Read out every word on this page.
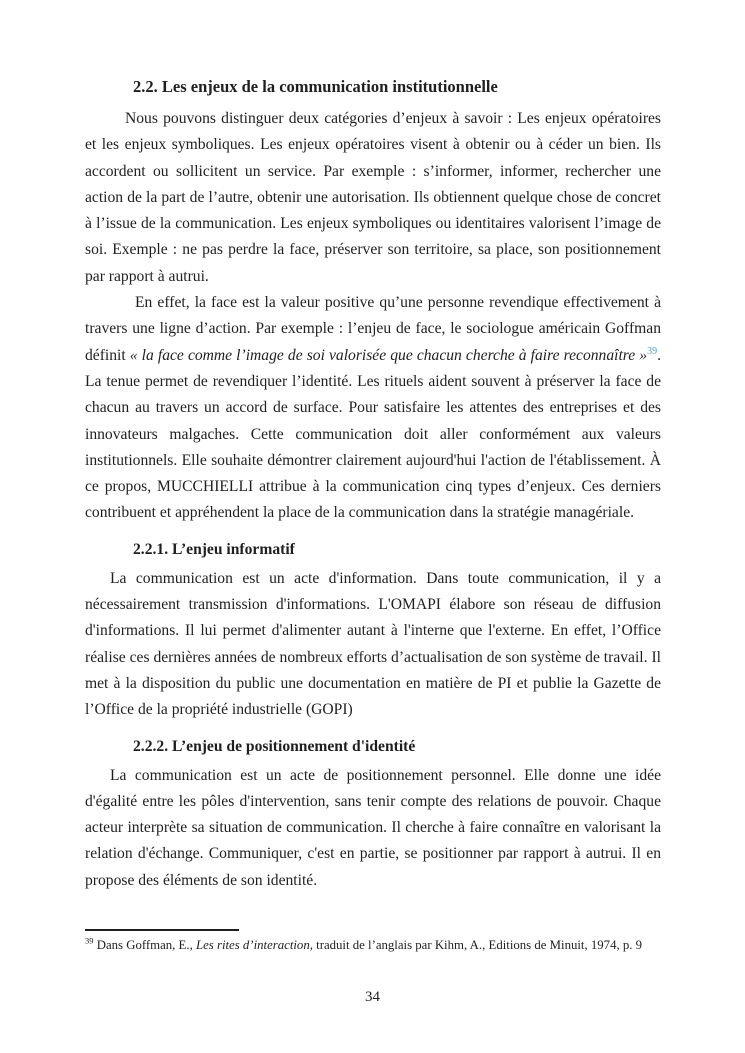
2.2. Les enjeux de la communication institutionnelle

Nous pouvons distinguer deux catégories d’enjeux à savoir : Les enjeux opératoires et les enjeux symboliques. Les enjeux opératoires visent à obtenir ou à céder un bien. Ils accordent ou sollicitent un service. Par exemple : s’informer, informer, rechercher une action de la part de l’autre, obtenir une autorisation. Ils obtiennent quelque chose de concret à l’issue de la communication. Les enjeux symboliques ou identitaires valorisent l’image de soi. Exemple : ne pas perdre la face, préserver son territoire, sa place, son positionnement par rapport à autrui.

En effet, la face est la valeur positive qu’une personne revendique effectivement à travers une ligne d’action. Par exemple : l’enjeu de face, le sociologue américain Goffman définit « la face comme l’image de soi valorisée que chacun cherche à faire reconnaître »$^{39}$. La tenue permet de revendiquer l’identité. Les rituels aident souvent à préserver la face de chacun au travers un accord de surface. Pour satisfaire les attentes des entreprises et des innovateurs malgaches. Cette communication doit aller conformément aux valeurs institutionnels. Elle souhaite démontrer clairement aujourd'hui l'action de l'établissement. À ce propos, MUCCHIELLI attribue à la communication cinq types d’enjeux. Ces derniers contribuent et appréhendent la place de la communication dans la stratégie managériale.

2.2.1. L’enjeu informatif

La communication est un acte d'information. Dans toute communication, il y a nécessairement transmission d'informations. L'OMAPI élabore son réseau de diffusion d'informations. Il lui permet d'alimenter autant à l'interne que l'externe. En effet, l’Office réalise ces dernières années de nombreux efforts d’actualisation de son système de travail. Il met à la disposition du public une documentation en matière de PI et publie la Gazette de l’Office de la propriété industrielle (GOPI)

2.2.2. L’enjeu de positionnement d'identité

La communication est un acte de positionnement personnel. Elle donne une idée d'égalité entre les pôles d'intervention, sans tenir compte des relations de pouvoir. Chaque acteur interprète sa situation de communication. Il cherche à faire connaître en valorisant la relation d'échange. Communiquer, c'est en partie, se positionner par rapport à autrui. Il en propose des éléments de son identité.

$^{39}$ Dans Goffman, E., Les rites d’interaction, traduit de l’anglais par Kihm, A., Editions de Minuit, 1974, p. 9

34
